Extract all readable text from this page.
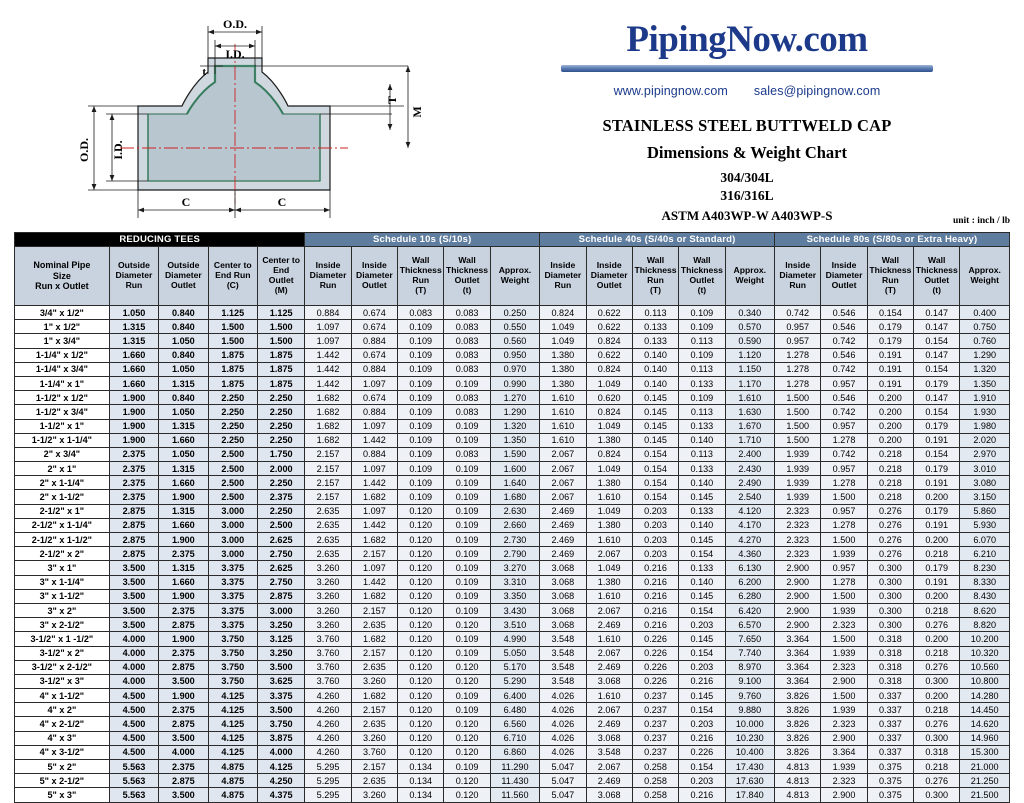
O.D.
I.D.
t
T
M
O.D. I.D.
C	C
PipingNow.com
www.pipingnow.com sales@pipingnow.com
STAINLESS STEEL BUTTWELD CAP
Dimensions & Weight Chart
304/304L
316/316L
ASTM A403WP-W A403WP-S	unit : inch / lb
REDUCING TEES					Schedule 10s (S/10s)					Schedule 40s (S/40s or Standard)					Schedule 80s (S/80s or Extra Heavy)				

Nominal Pipe
Size
Run x Outlet

Outside
Diameter
Run

Outside
Diameter
Outlet

Center to
End Run (C)

Center to
End
Outlet
(M)

Inside
Diameter
Run

Inside
Diameter
Outlet

Wall
Thickness
Run
(T)

Wall
Thickness
Outlet
(t)

Approx.
Weight

Inside
Diameter
Run

Inside
Diameter
Outlet

Wall
Thickness
Run
(T)

Wall
Thickness
Outlet
(t)

Approx.
Weight

Inside
Diameter
Run

Inside
Diameter
Outlet

Wall
Thickness
Run
(T)

Wall
Thickness
Outlet
(t)

Approx.
Weight

3/4" x 1/2"	1.050	0.840	1.125	1.125	0.884	0.674	0.083	0.083	0.250	0.824	0.622	0.113	0.109	0.340	0.742	0.546	0.154	0.147	0.400
1" x 1/2"	1.315	0.840	1.500	1.500	1.097	0.674	0.109	0.083	0.550	1.049	0.622	0.133	0.109	0.570	0.957	0.546	0.179	0.147	0.750
1" x 3/4"	1.315	1.050	1.500	1.500	1.097	0.884	0.109	0.083	0.560	1.049	0.824	0.133	0.113	0.590	0.957	0.742	0.179	0.154	0.760
1-1/4" x 1/2"	1.660	0.840	1.875	1.875	1.442	0.674	0.109	0.083	0.950	1.380	0.622	0.140	0.109	1.120	1.278	0.546	0.191	0.147	1.290
1-1/4" x 3/4"	1.660	1.050	1.875	1.875	1.442	0.884	0.109	0.083	0.970	1.380	0.824	0.140	0.113	1.150	1.278	0.742	0.191	0.154	1.320
1-1/4" x 1"	1.660	1.315	1.875	1.875	1.442	1.097	0.109	0.109	0.990	1.380	1.049	0.140	0.133	1.170	1.278	0.957	0.191	0.179	1.350
1-1/2" x 1/2"	1.900	0.840	2.250	2.250	1.682	0.674	0.109	0.083	1.270	1.610	0.620	0.145	0.109	1.610	1.500	0.546	0.200	0.147	1.910
1-1/2" x 3/4"	1.900	1.050	2.250	2.250	1.682	0.884	0.109	0.083	1.290	1.610	0.824	0.145	0.113	1.630	1.500	0.742	0.200	0.154	1.930
1-1/2" x 1"	1.900	1.315	2.250	2.250	1.682	1.097	0.109	0.109	1.320	1.610	1.049	0.145	0.133	1.670	1.500	0.957	0.200	0.179	1.980
1-1/2" x 1-1/4"	1.900	1.660	2.250	2.250	1.682	1.442	0.109	0.109	1.350	1.610	1.380	0.145	0.140	1.710	1.500	1.278	0.200	0.191	2.020
2" x 3/4"	2.375	1.050	2.500	1.750	2.157	0.884	0.109	0.083	1.590	2.067	0.824	0.154	0.113	2.400	1.939	0.742	0.218	0.154	2.970
2" x 1"	2.375	1.315	2.500	2.000	2.157	1.097	0.109	0.109	1.600	2.067	1.049	0.154	0.133	2.430	1.939	0.957	0.218	0.179	3.010
2" x 1-1/4"	2.375	1.660	2.500	2.250	2.157	1.442	0.109	0.109	1.640	2.067	1.380	0.154	0.140	2.490	1.939	1.278	0.218	0.191	3.080
2" x 1-1/2"	2.375	1.900	2.500	2.375	2.157	1.682	0.109	0.109	1.680	2.067	1.610	0.154	0.145	2.540	1.939	1.500	0.218	0.200	3.150
2-1/2" x 1"	2.875	1.315	3.000	2.250	2.635	1.097	0.120	0.109	2.630	2.469	1.049	0.203	0.133	4.120	2.323	0.957	0.276	0.179	5.860
2-1/2" x 1-1/4"	2.875	1.660	3.000	2.500	2.635	1.442	0.120	0.109	2.660	2.469	1.380	0.203	0.140	4.170	2.323	1.278	0.276	0.191	5.930
2-1/2" x 1-1/2"	2.875	1.900	3.000	2.625	2.635	1.682	0.120	0.109	2.730	2.469	1.610	0.203	0.145	4.270	2.323	1.500	0.276	0.200	6.070
2-1/2" x 2"	2.875	2.375	3.000	2.750	2.635	2.157	0.120	0.109	2.790	2.469	2.067	0.203	0.154	4.360	2.323	1.939	0.276	0.218	6.210
3" x 1"	3.500	1.315	3.375	2.625	3.260	1.097	0.120	0.109	3.270	3.068	1.049	0.216	0.133	6.130	2.900	0.957	0.300	0.179	8.230
3" x 1-1/4"	3.500	1.660	3.375	2.750	3.260	1.442	0.120	0.109	3.310	3.068	1.380	0.216	0.140	6.200	2.900	1.278	0.300	0.191	8.330
3" x 1-1/2"	3.500	1.900	3.375	2.875	3.260	1.682	0.120	0.109	3.350	3.068	1.610	0.216	0.145	6.280	2.900	1.500	0.300	0.200	8.430
3" x 2"	3.500	2.375	3.375	3.000	3.260	2.157	0.120	0.109	3.430	3.068	2.067	0.216	0.154	6.420	2.900	1.939	0.300	0.218	8.620
3" x 2-1/2"	3.500	2.875	3.375	3.250	3.260	2.635	0.120	0.120	3.510	3.068	2.469	0.216	0.203	6.570	2.900	2.323	0.300	0.276	8.820
3-1/2" x 1 -1/2"	4.000	1.900	3.750	3.125	3.760	1.682	0.120	0.109	4.990	3.548	1.610	0.226	0.145	7.650	3.364	1.500	0.318	0.200	10.200
3-1/2" x 2"	4.000	2.375	3.750	3.250	3.760	2.157	0.120	0.109	5.050	3.548	2.067	0.226	0.154	7.740	3.364	1.939	0.318	0.218	10.320
3-1/2" x 2-1/2"	4.000	2.875	3.750	3.500	3.760	2.635	0.120	0.120	5.170	3.548	2.469	0.226	0.203	8.970	3.364	2.323	0.318	0.276	10.560
3-1/2" x 3"	4.000	3.500	3.750	3.625	3.760	3.260	0.120	0.120	5.290	3.548	3.068	0.226	0.216	9.100	3.364	2.900	0.318	0.300	10.800
4" x 1-1/2"	4.500	1.900	4.125	3.375	4.260	1.682	0.120	0.109	6.400	4.026	1.610	0.237	0.145	9.760	3.826	1.500	0.337	0.200	14.280
4" x 2"	4.500	2.375	4.125	3.500	4.260	2.157	0.120	0.109	6.480	4.026	2.067	0.237	0.154	9.880	3.826	1.939	0.337	0.218	14.450
4" x 2-1/2"	4.500	2.875	4.125	3.750	4.260	2.635	0.120	0.120	6.560	4.026	2.469	0.237	0.203	10.000	3.826	2.323	0.337	0.276	14.620
4" x 3"	4.500	3.500	4.125	3.875	4.260	3.260	0.120	0.120	6.710	4.026	3.068	0.237	0.216	10.230	3.826	2.900	0.337	0.300	14.960
4" x 3-1/2"	4.500	4.000	4.125	4.000	4.260	3.760	0.120	0.120	6.860	4.026	3.548	0.237	0.226	10.400	3.826	3.364	0.337	0.318	15.300
5" x 2"	5.563	2.375	4.875	4.125	5.295	2.157	0.134	0.109	11.290	5.047	2.067	0.258	0.154	17.430	4.813	1.939	0.375	0.218	21.000
5" x 2-1/2"	5.563	2.875	4.875	4.250	5.295	2.635	0.134	0.120	11.430	5.047	2.469	0.258	0.203	17.630	4.813	2.323	0.375	0.276	21.250
5" x 3"	5.563	3.500	4.875	4.375	5.295	3.260	0.134	0.120	11.560	5.047	3.068	0.258	0.216	17.840	4.813	2.900	0.375	0.300	21.500
